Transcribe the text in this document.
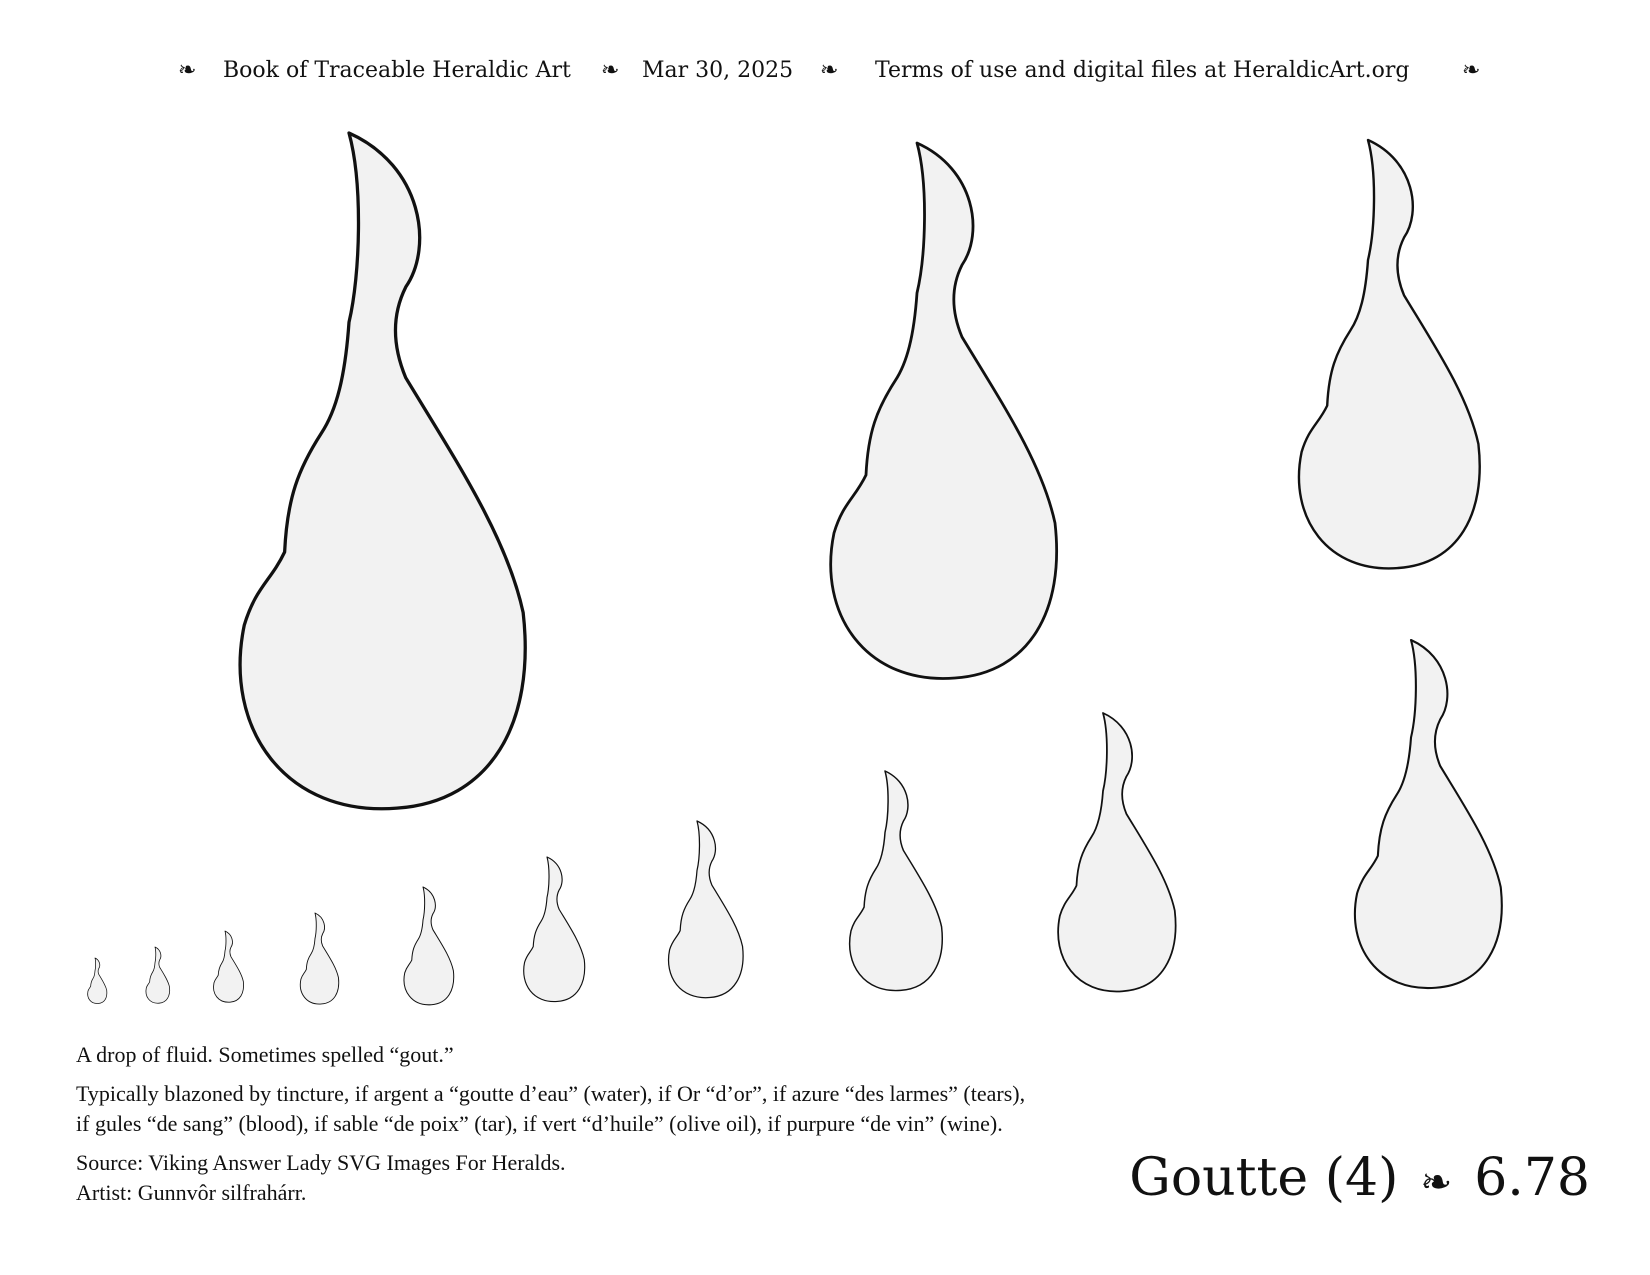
❧ Book of Traceable Heraldic Art ❧ Mar 30, 2025 ❧ Terms of use and digital files at HeraldicArt.org ❧
A drop of fluid. Sometimes spelled “gout.”
Typically blazoned by tincture, if argent a “goutte d’eau” (water), if Or “d’or”, if azure “des larmes” (tears),
if gules “de sang” (blood), if sable “de poix” (tar), if vert “d’huile” (olive oil), if purpure “de vin” (wine).
Source: Viking Answer Lady SVG Images For Heralds.
Artist: Gunnvôr silfrahárr.	Goutte (4) ❧ 6.78
